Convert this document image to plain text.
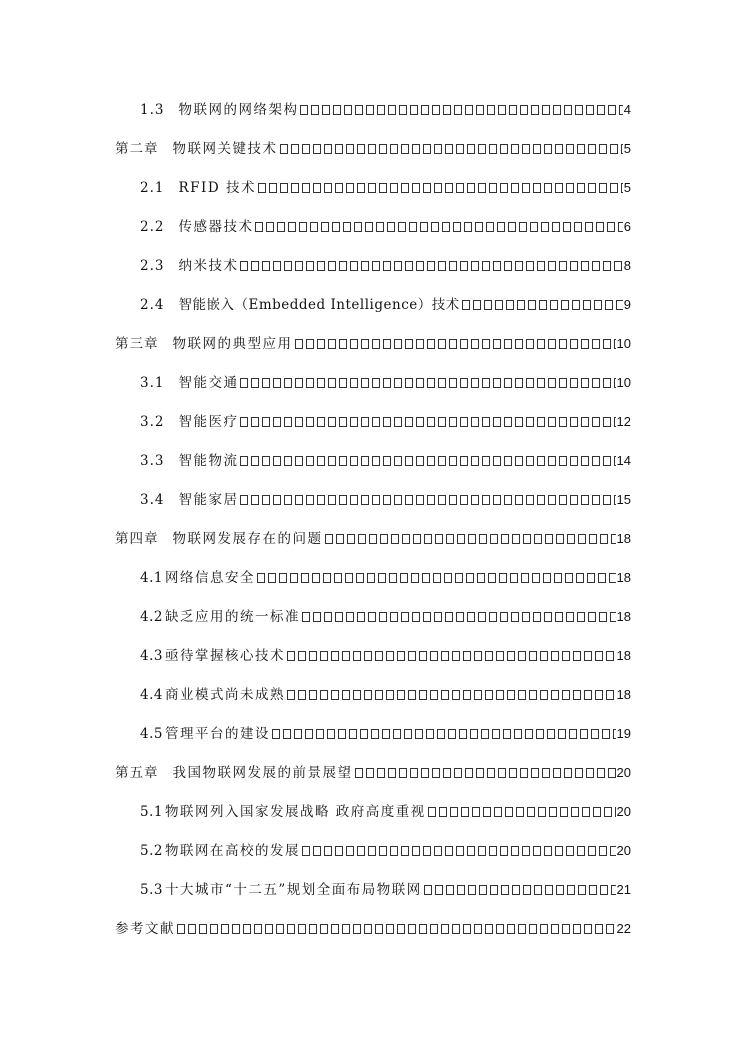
1.3 物联网的网络架构	4
第二章 物联网关键技术	5
2.1 RFID 技术	5
2.2 传感器技术	6
2.3 纳米技术	8
2.4 智能嵌入（Embedded Intelligence）技术	9
第三章 物联网的典型应用	10
3.1 智能交通	10
3.2 智能医疗	12
3.3 智能物流	14
3.4 智能家居	15
第四章 物联网发展存在的问题	18
4.1 网络信息安全	18
4.2 缺乏应用的统一标准	18
4.3 亟待掌握核心技术	18
4.4 商业模式尚未成熟	18
4.5 管理平台的建设	19
第五章 我国物联网发展的前景展望	20
5.1 物联网列入国家发展战略 政府高度重视	20
5.2 物联网在高校的发展	20
5.3 十大城市“十二五”规划全面布局物联网	21
参考文献	22
